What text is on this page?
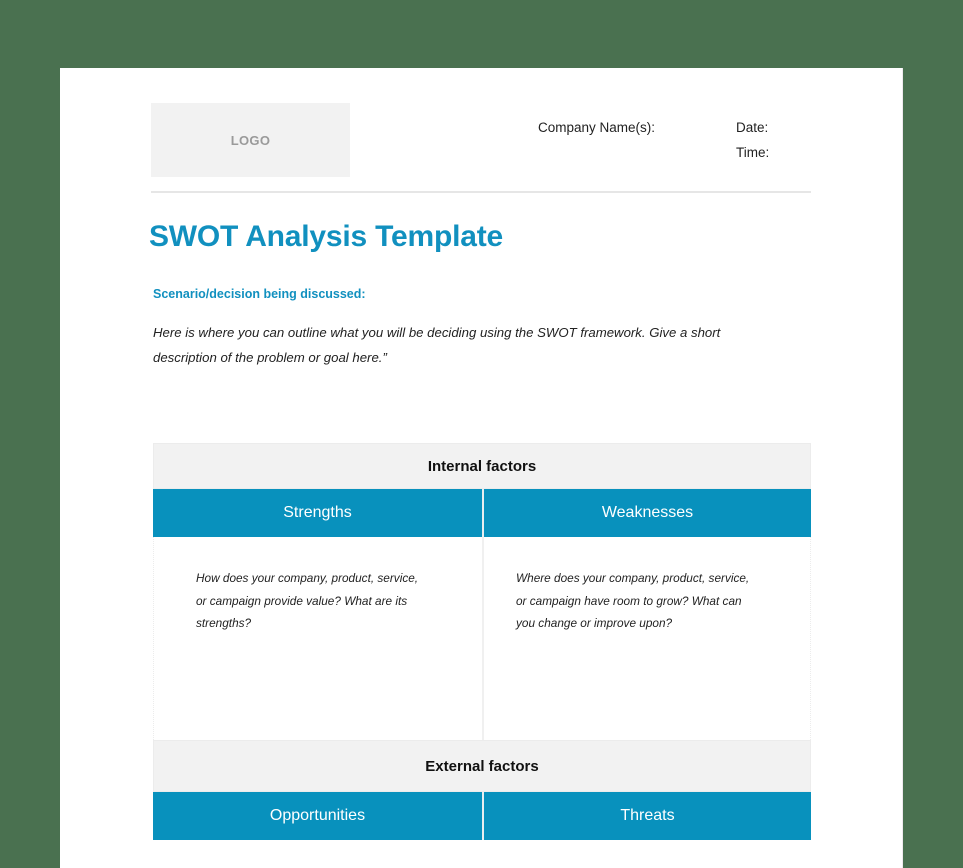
LOGO
Company Name(s):	Date:
Time:
SWOT Analysis Template
Scenario/decision being discussed:
Here is where you can outline what you will be deciding using the SWOT framework. Give a short description of the problem or goal here.”
Internal factors
Strengths	Weaknesses
How does your company, product, service, or campaign provide value? What are its strengths?
Where does your company, product, service, or campaign have room to grow? What can you change or improve upon?
External factors
Opportunities	Threats
